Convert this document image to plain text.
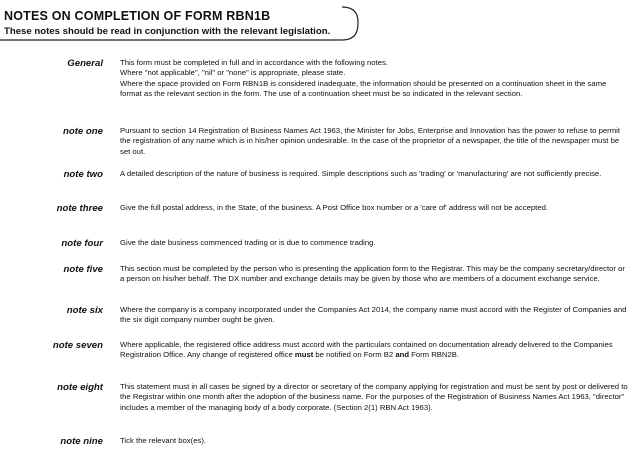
NOTES ON COMPLETION OF FORM RBN1B
These notes should be read in conjunction with the relevant legislation.
General This form must be completed in full and in accordance with the following notes.

Where "not applicable", "nil" or "none" is appropriate, please state.

Where the space provided on Form RBN1B is considered inadequate, the information should be presented on a continuation sheet in the same format as the relevant section in the form. The use of a continuation sheet must be so indicated in the relevant section.

note one Pursuant to section 14 Registration of Business Names Act 1963, the Minister for Jobs, Enterprise and Innovation has the power to refuse to permit the registration of any name which is in his/her opinion undesirable. In the case of the proprietor of a newspaper, the title of the newspaper must be set out.

note two A detailed description of the nature of business is required. Simple descriptions such as 'trading' or 'manufacturing' are not sufficiently precise.

note three Give the full postal address, in the State, of the business. A Post Office box number or a 'care of' address will not be accepted.

note four Give the date business commenced trading or is due to commence trading.

note five This section must be completed by the person who is presenting the application form to the Registrar. This may be the company secretary/director or a person on his/her behalf. The DX number and exchange details may be given by those who are members of a document exchange service.

note six Where the company is a company incorporated under the Companies Act 2014, the company name must accord with the Register of Companies and the six digit company number ought be given.

note seven Where applicable, the registered office address must accord with the particulars contained on documentation already delivered to the Companies Registration Office. Any change of registered office must be notified on Form B2 and Form RBN2B.

note eight This statement must in all cases be signed by a director or secretary of the company applying for registration and must be sent by post or delivered to the Registrar within one month after the adoption of the business name. For the purposes of the Registration of Business Names Act 1963, "director" includes a member of the managing body of a body corporate. (Section 2(1) RBN Act 1963).

note nine Tick the relevant box(es).
